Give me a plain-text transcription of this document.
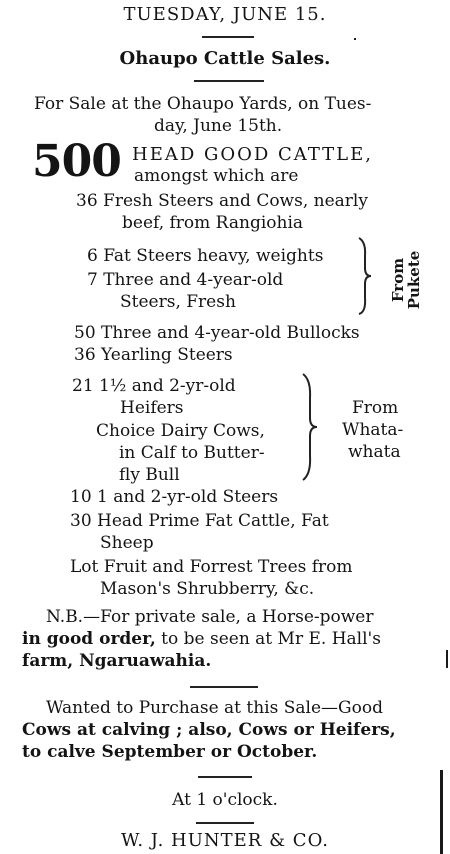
TUESDAY, JUNE 15.
Ohaupo Cattle Sales.
For Sale at the Ohaupo Yards, on Tues-
day, June 15th.
500 HEAD GOOD CATTLE,
amongst which are
36 Fresh Steers and Cows, nearly
beef, from Rangiohia
6 Fat Steers heavy, weights
7 Three and 4-year-old
Steers, Fresh	From
Pukete
50 Three and 4-year-old Bullocks
36 Yearling Steers
21 1½ and 2-yr-old
Heifers
Choice Dairy Cows,
in Calf to Butter-
fly Bull
From
Whata-
whata
10 1 and 2-yr-old Steers
30 Head Prime Fat Cattle, Fat
Sheep
Lot Fruit and Forrest Trees from
Mason's Shrubberry, &c.
N.B.—For private sale, a Horse-power
in good order, to be seen at Mr E. Hall's
farm, Ngaruawahia.
Wanted to Purchase at this Sale—Good
Cows at calving ; also, Cows or Heifers,
to calve September or October.
At 1 o'clock.
W. J. HUNTER & CO.
